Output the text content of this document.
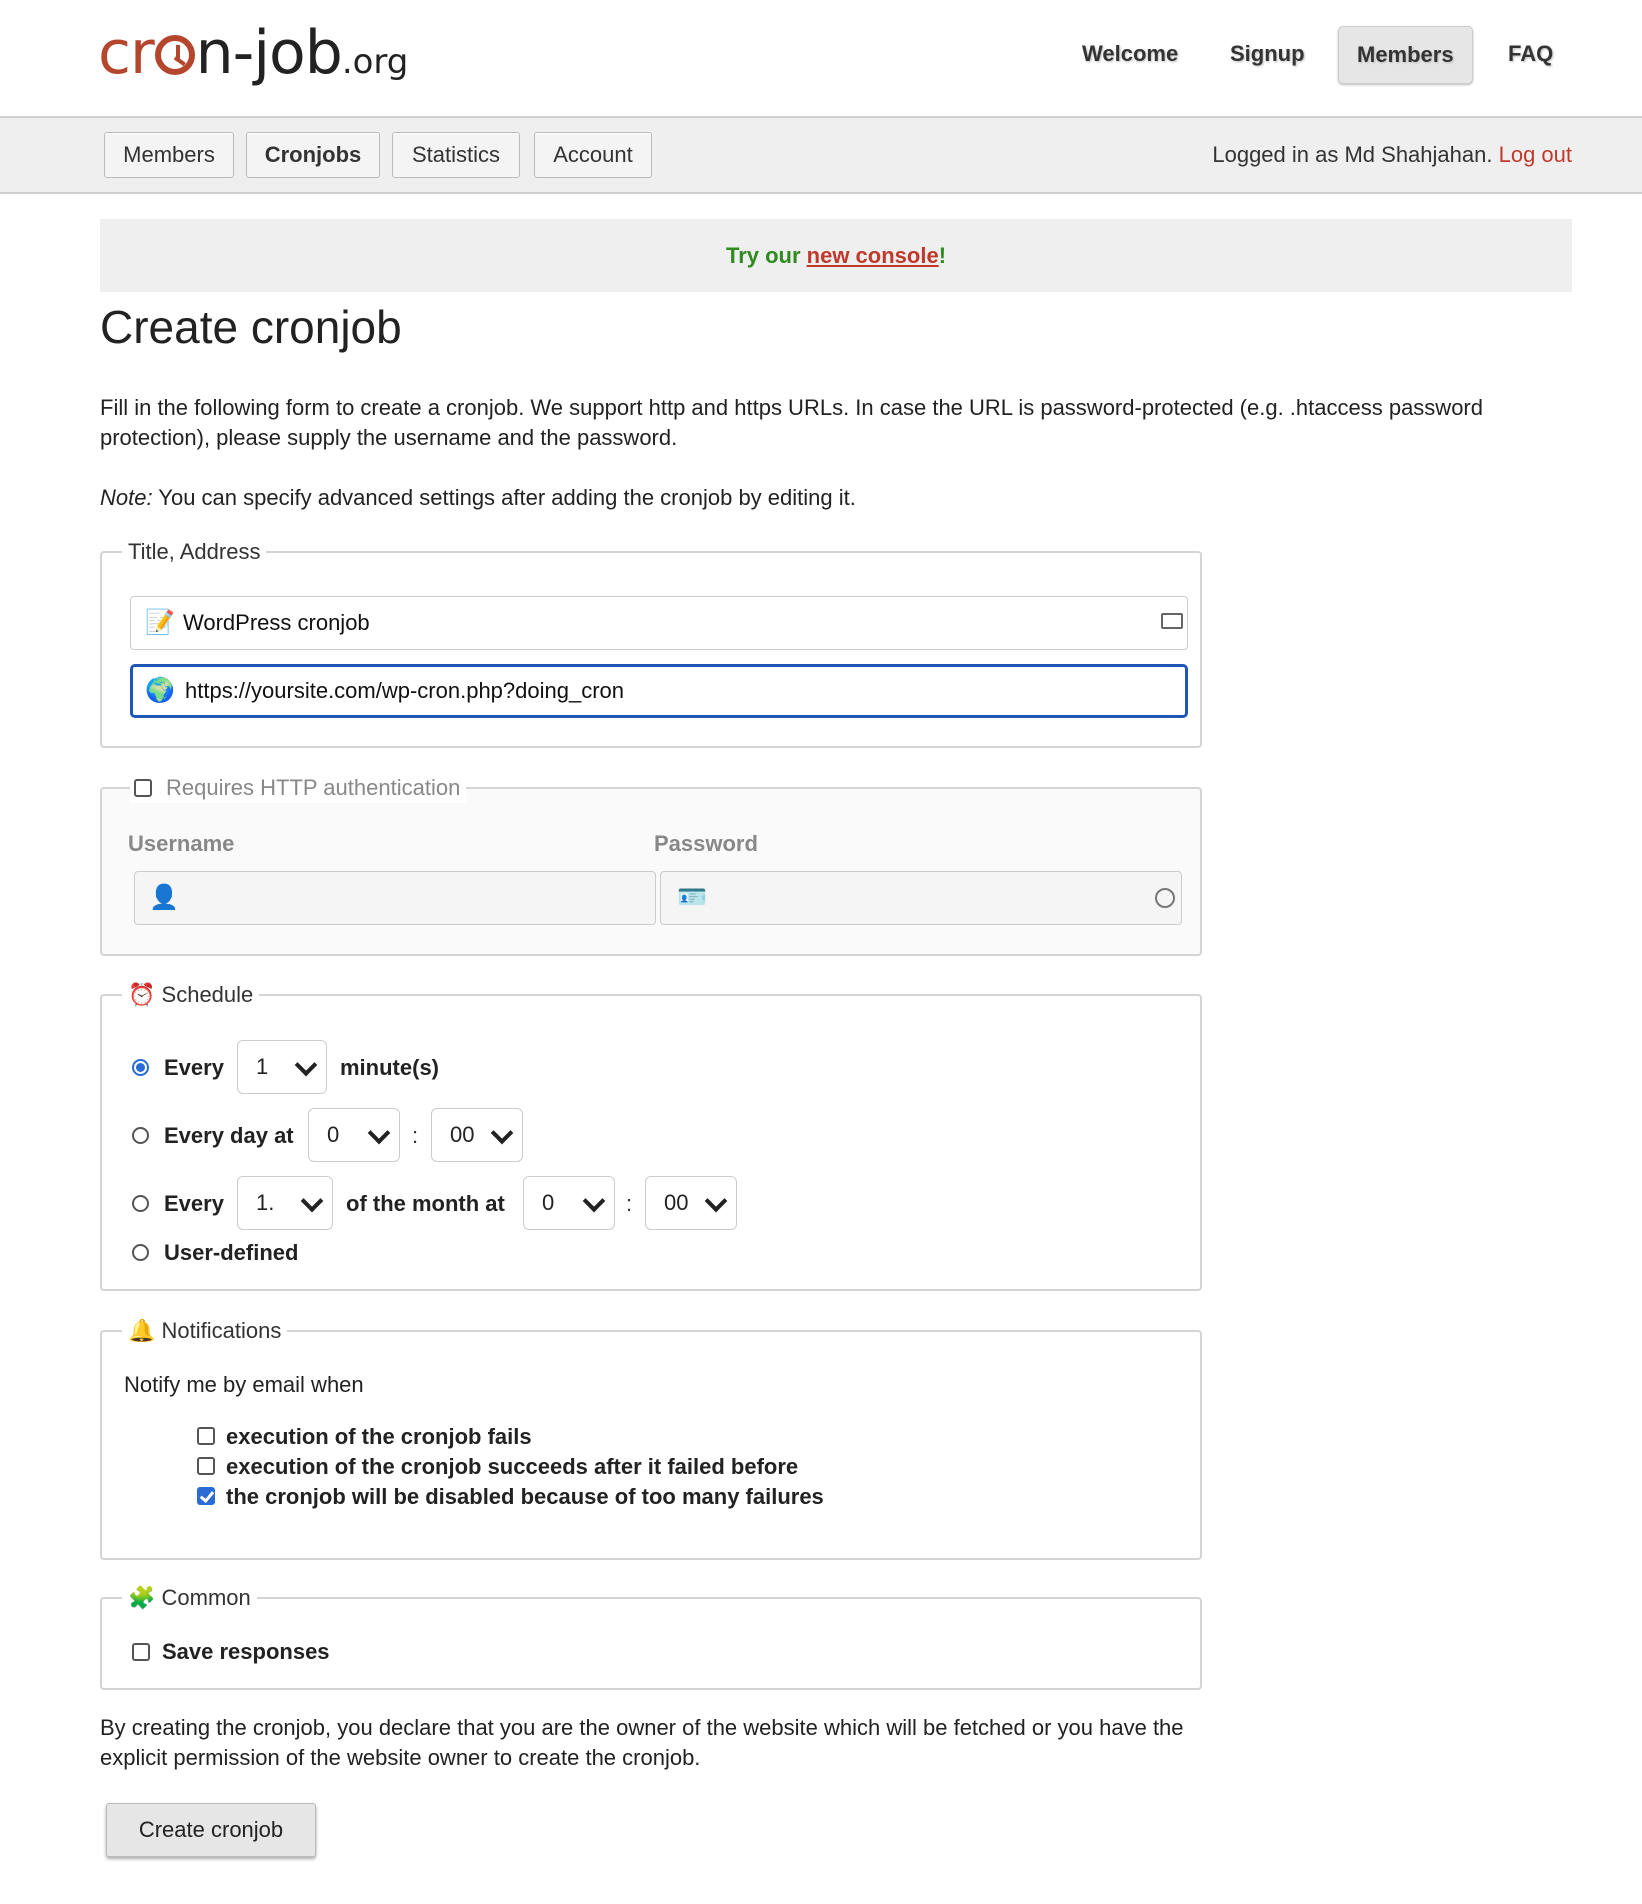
cr n-job.org	Welcome	Signup	Members	FAQ
Members	Cronjobs	Statistics	Account	Logged in as Md Shahjahan. Log out
Try our new console!
Create cronjob

Fill in the following form to create a cronjob. We support http and https URLs. In case the URL is password-protected (e.g. .htaccess password protection), please supply the username and the password.

Note: You can specify advanced settings after adding the cronjob by editing it.

Title, Address
📝 WordPress cronjob
🌍 https://yoursite.com/wp-cron.php?doing_cron
Requires HTTP authentication
Username	Password
👤	🪪
⏰ Schedule
Every	1	minute(s)
Every day at	0	:	00
Every	1.	of the month at	0	:	00
User-defined
🔔 Notifications
Notify me by email when
execution of the cronjob fails
execution of the cronjob succeeds after it failed before
the cronjob will be disabled because of too many failures
🧩 Common
Save responses

By creating the cronjob, you declare that you are the owner of the website which will be fetched or you have the explicit permission of the website owner to create the cronjob.

Create cronjob
